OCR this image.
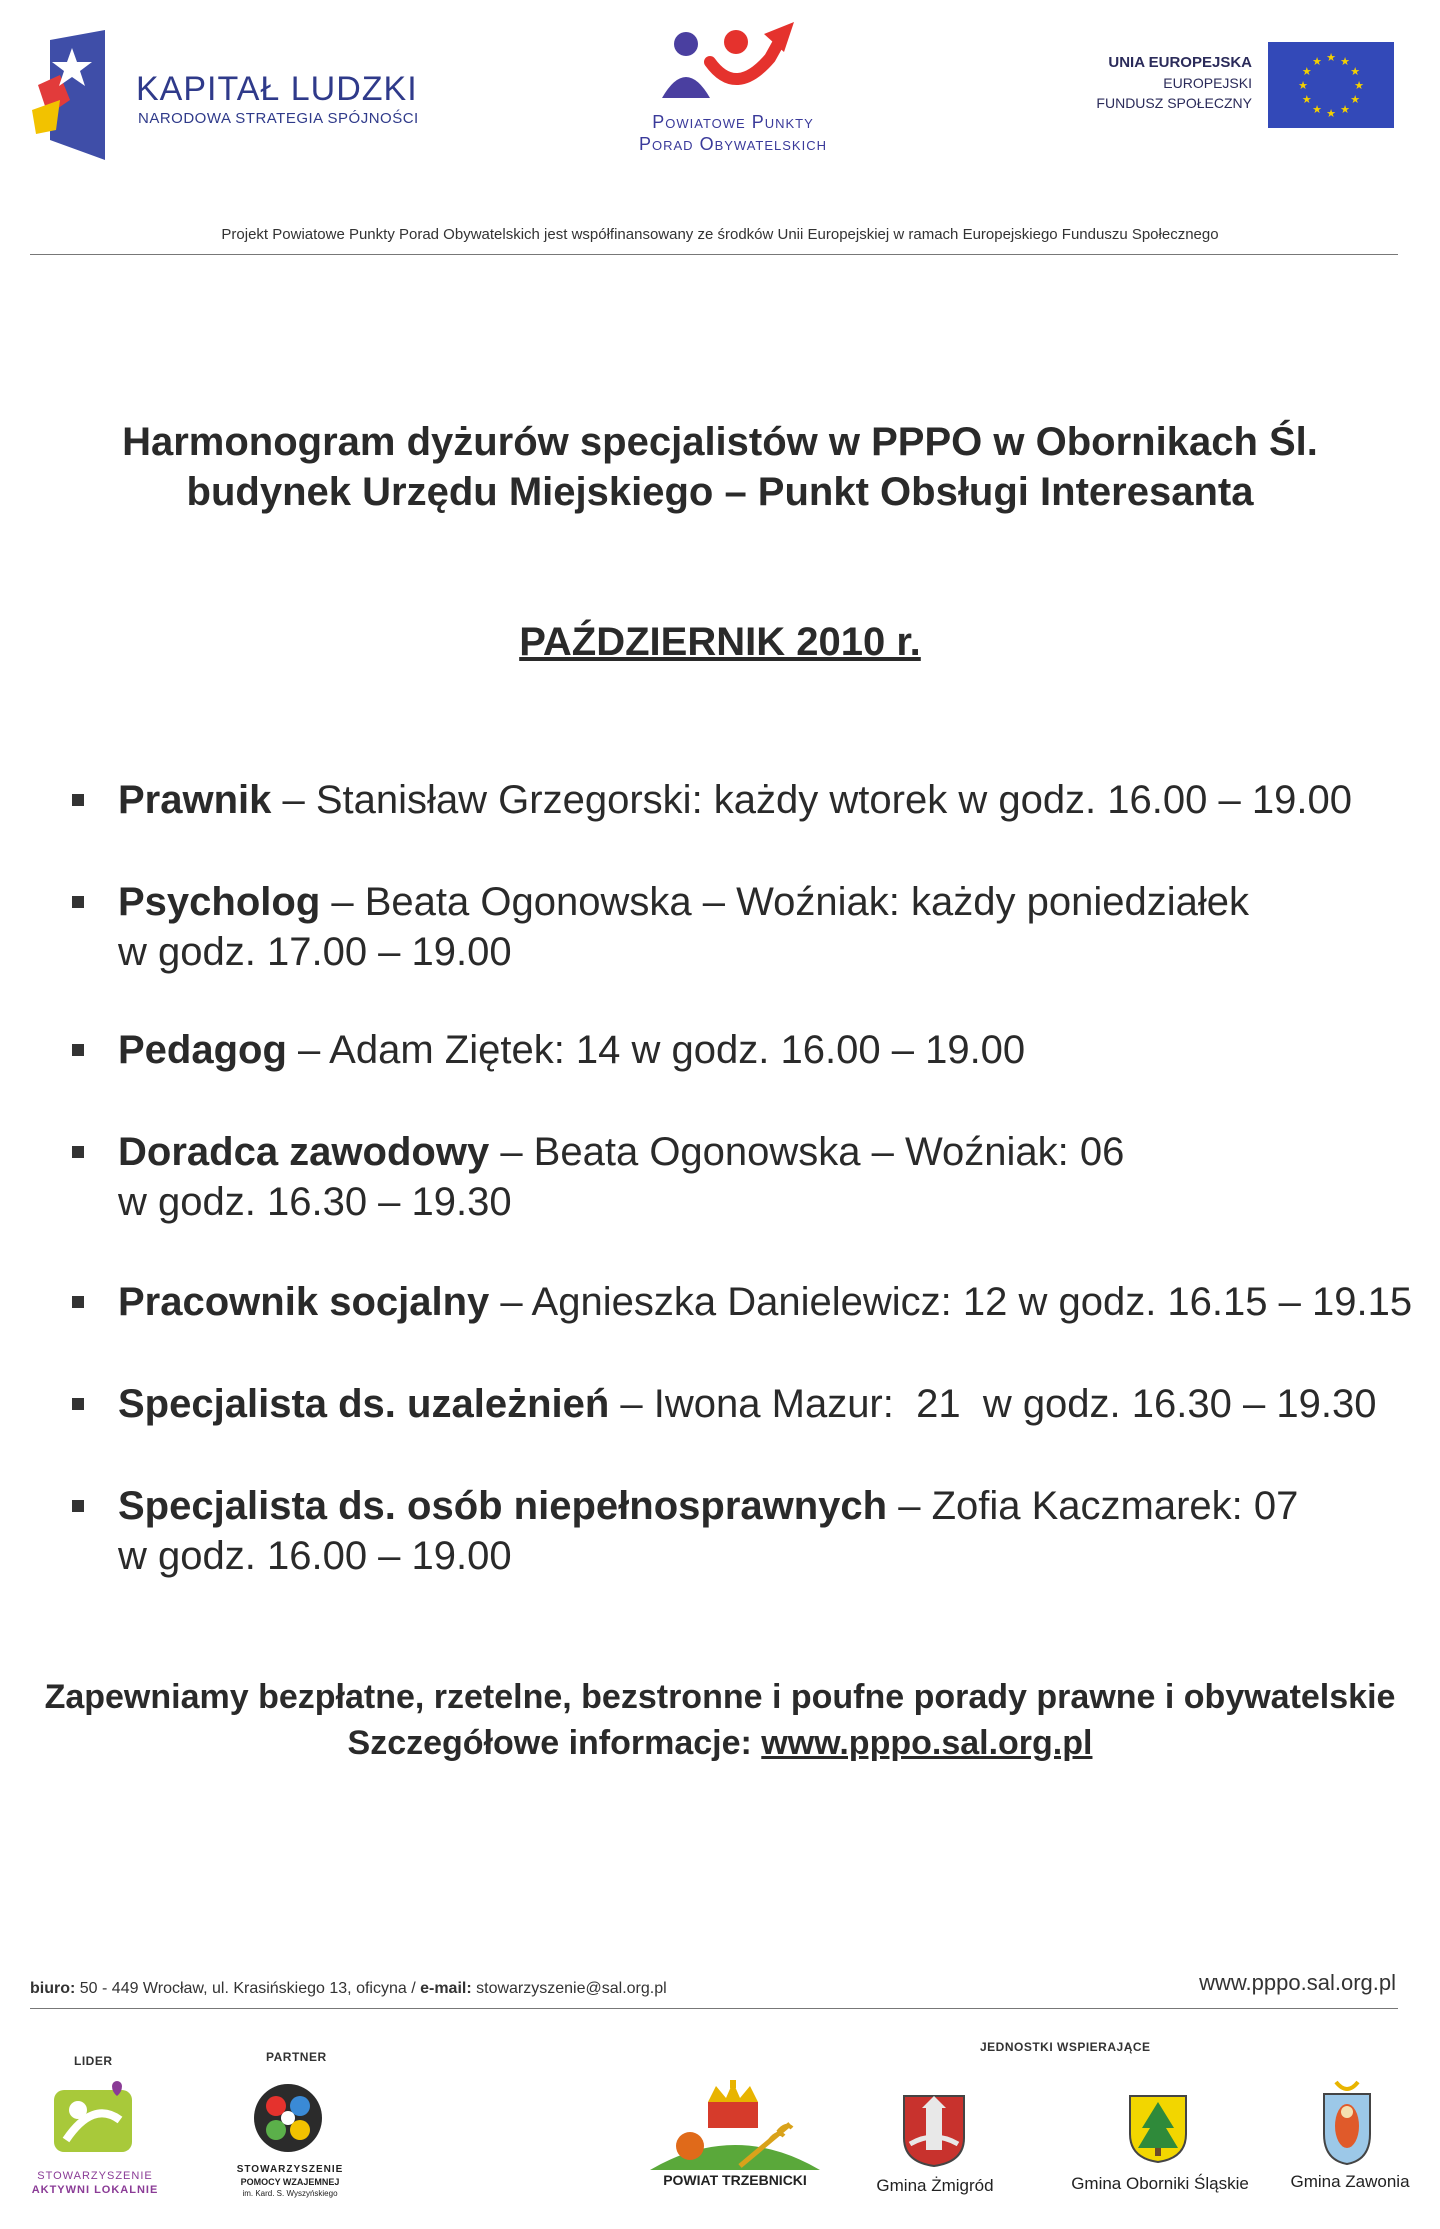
KAPITAŁ LUDZKI
NARODOWA STRATEGIA SPÓJNOŚCI	Powiatowe Punkty
Porad Obywatelskich
UNIA EUROPEJSKA
EUROPEJSKI
FUNDUSZ SPOŁECZNY
★
★
★
★
★
★
★
★
★ ★ ★
★
Projekt Powiatowe Punkty Porad Obywatelskich jest współfinansowany ze środków Unii Europejskiej w ramach Europejskiego Funduszu Społecznego
Harmonogram dyżurów specjalistów w PPPO w Obornikach Śl.
budynek Urzędu Miejskiego – Punkt Obsługi Interesanta
PAŹDZIERNIK 2010 r.
Prawnik – Stanisław Grzegorski: każdy wtorek w godz. 16.00 – 19.00
Psycholog – Beata Ogonowska – Woźniak: każdy poniedziałek
w godz. 17.00 – 19.00
Pedagog – Adam Ziętek: 14 w godz. 16.00 – 19.00
Doradca zawodowy – Beata Ogonowska – Woźniak: 06
w godz. 16.30 – 19.30
Pracownik socjalny – Agnieszka Danielewicz: 12 w godz. 16.15 – 19.15
Specjalista ds. uzależnień – Iwona Mazur:  21  w godz. 16.30 – 19.30
Specjalista ds. osób niepełnosprawnych – Zofia Kaczmarek: 07
w godz. 16.00 – 19.00
Zapewniamy bezpłatne, rzetelne, bezstronne i poufne porady prawne i obywatelskie
Szczegółowe informacje: www.pppo.sal.org.pl
biuro: 50 - 449 Wrocław, ul. Krasińskiego 13, oficyna / e-mail: stowarzyszenie@sal.org.pl	www.pppo.sal.org.pl
LIDER	PARTNER
JEDNOSTKI WSPIERAJĄCE
STOWARZYSZENIE
AKTYWNI LOKALNIE
STOWARZYSZENIE
POMOCY WZAJEMNEJ
im. Kard. S. Wyszyńskiego
POWIAT TRZEBNICKI	Gmina Żmigród	Gmina Oborniki Śląskie	Gmina Zawonia
